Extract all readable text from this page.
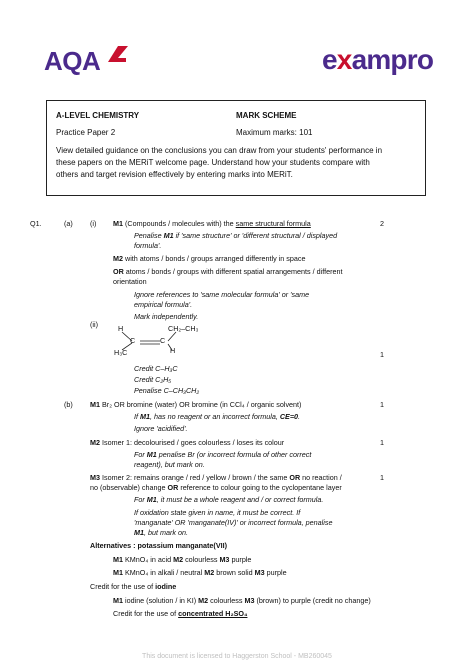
AQA	exampro
A-LEVEL CHEMISTRY	MARK SCHEME
Practice Paper 2	Maximum marks: 101
View detailed guidance on the conclusions you can draw from your students' performance in
these papers on the MERiT welcome page. Understand how your students compare with
others and target revision effectively by entering marks into MERiT.
Q1.	(a) (i) M1 (Compounds / molecules with) the same structural formula	2
Penalise M1 if 'same structure' or 'different structural / displayed
formula'.
M2 with atoms / bonds / groups arranged differently in space
OR atoms / bonds / groups with different spatial arrangements / different
orientation
Ignore references to 'same molecular formula' or 'same
empirical formula'.
Mark independently.
(ii)	H	CH₂–CH₃
C	C
H₃C	H	1
Credit C–H₃C
Credit C₂H₅
Penalise C–CH₃CH₂
(b) M1 Br₂ OR bromine (water) OR bromine (in CCl₄ / organic solvent)	1
If M1, has no reagent or an incorrect formula, CE=0.
Ignore 'acidified'.
M2 Isomer 1: decolourised / goes colourless / loses its colour	1
For M1 penalise Br (or incorrect formula of other correct
reagent), but mark on.
M3 Isomer 2: remains orange / red / yellow / brown / the same OR no reaction /	1
no (observable) change OR reference to colour going to the cyclopentane layer
For M1, it must be a whole reagent and / or correct formula.
If oxidation state given in name, it must be correct. If
'manganate' OR 'manganate(IV)' or incorrect formula, penalise
M1, but mark on.
Alternatives : potassium manganate(VII)
M1 KMnO₄ in acid M2 colourless M3 purple
M1 KMnO₄ in alkali / neutral M2 brown solid M3 purple
Credit for the use of iodine
M1 iodine (solution / in KI) M2 colourless M3 (brown) to purple (credit no change)
Credit for the use of concentrated H₂SO₄
This document is licensed to Haggerston School - MB260045
